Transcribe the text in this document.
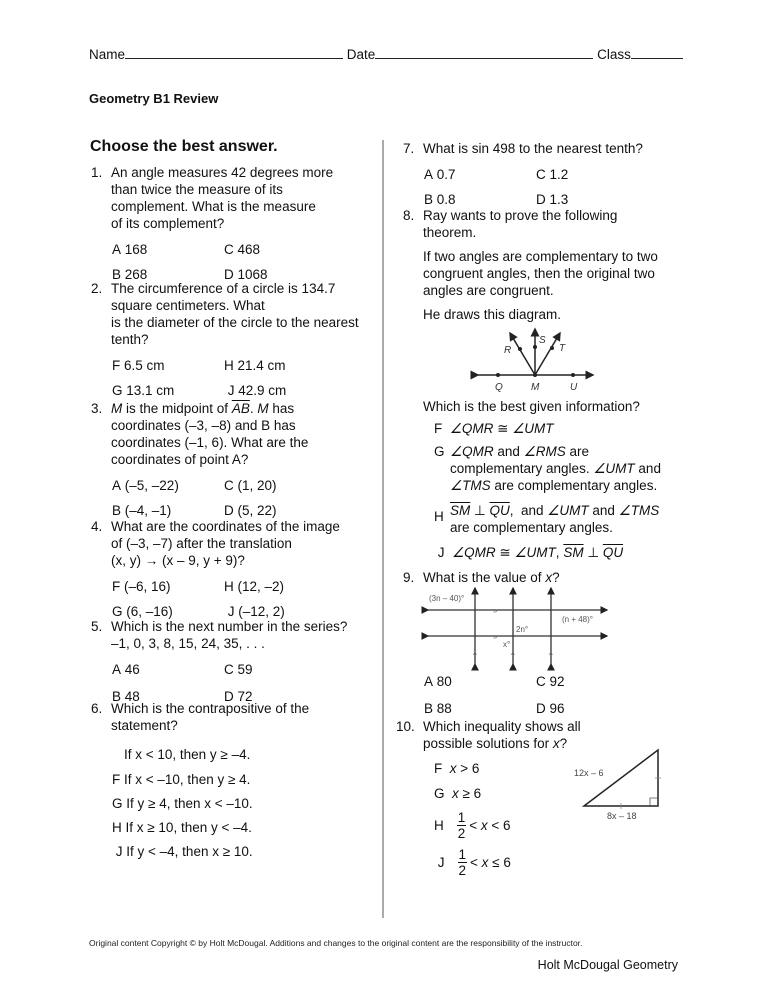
Name	Date	Class
Geometry B1 Review
Choose the best answer.
1. An angle measures 42 degrees more
than twice the measure of its
complement. What is the measure
of its complement?
A 168	C 468
B 268	D 1068
2. The circumference of a circle is 134.7
square centimeters. What
is the diameter of the circle to the nearest
tenth?
F 6.5 cm	H 21.4 cm
G 13.1 cm	J 42.9 cm
3. M is the midpoint of $\overline{AB}$. M has
coordinates (–3, –8) and B has
coordinates (–1, 6). What are the
coordinates of point A?
A (–5, –22)	C (1, 20)
B (–4, –1)	D (5, 22)
4. What are the coordinates of the image
of (–3, –7) after the translation
(x, y) → (x – 9, y + 9)?
F (–6, 16)	H (12, –2)
G (6, –16)	J (–12, 2)
5. Which is the next number in the series?
–1, 0, 3, 8, 15, 24, 35, . . .
A 46	C 59
B 48	D 72
6. Which is the contrapositive of the
statement?
If x < 10, then y ≥ –4.
F If x < –10, then y ≥ 4.
G If y ≥ 4, then x < –10.
H If x ≥ 10, then y < –4.
J If y < –4, then x ≥ 10.
7. What is sin 498 to the nearest tenth?
A 0.7	C 1.2
B 0.8	D 1.3
8. Ray wants to prove the following
theorem.
If two angles are complementary to two
congruent angles, then the original two
angles are congruent.
He draws this diagram.
R
S
T
Q	M	U
Which is the best given information?
F  ∠QMR ≅ ∠UMT
G ∠QMR and ∠RMS are
complementary angles. ∠UMT and
∠TMS are complementary angles.
H $\overline{SM}$ ⊥ $\overline{QU}$,  and ∠UMT and ∠TMS
are complementary angles.
J  ∠QMR ≅ ∠UMT, $\overline{SM}$ ⊥ $\overline{QU}$
9. What is the value of x?
»
»
^	^	^
(3n – 40)°
(n + 48)°
2n°
x°
A 80	C 92
B 88	D 96
10. Which inequality shows all
possible solutions for x?
F  x > 6
G  x ≥ 6
H
1
2
< x < 6
J
1
2
< x ≤ 6
12x – 6
8x – 18
Original content Copyright © by Holt McDougal. Additions and changes to the original content are the responsibility of the instructor.
Holt McDougal Geometry
